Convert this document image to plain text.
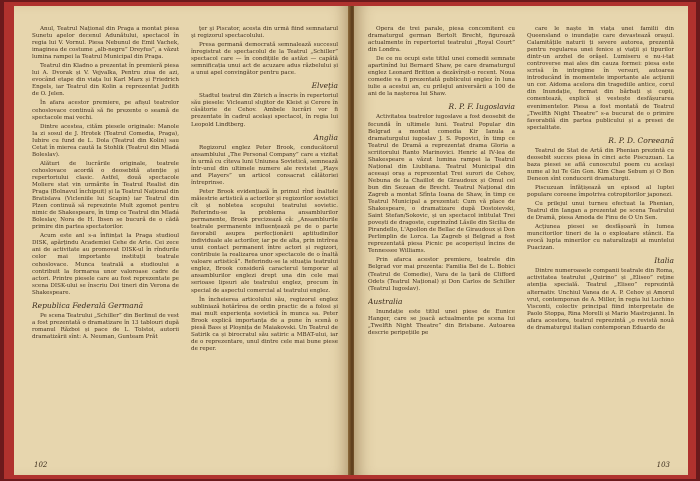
Anul, Teatrul Național din Praga a montat piesa Sunetu apelor decenul Adunătului, spectacol în regia lui V. Vornul. Piesa Nebunul de Emil Vachek, imaginea de costume „alb-negru” Dreyfus”, a văzut lumina rampei la Teatrul Municipal din Praga.

Teatrul din Kladno a prezentat în premieră piesa lui A. Dvorak și V. Vejvalka, Pentru ziua de azi, evocând etape din viața lui Karl Marx și Friedrich Engels, iar Teatrul din Kolin a reprezentat Judith de O. Jelen.

În afara acestor premiere, pe afișul teatrelor cehoslovace continuă să fie prezente o seamă de spectacole mai vechi.

Dintre acestea, cităm piesele originale: Manole Ia zi sosul de J. Hrotek (Teatrul Comedia, Praga), Iubire cu fund de L. Dola (Teatrul din Kolin) sau Cetat în mierea caută Ia Stohlik (Teatrul din Mladá Boleslav).

Alături de lucrările originale, teatrele cehoslovace acordă o deosebită atenție și repertoriului clasic. Astfel, două spectacole Moliere stat vin urmărite în Teatrul Realist din Praga (Bolnavul închipuit) și la Teatrul Național din Bratislava (Vicleniile lui Scapin) iar Teatrul din Plzen continuă să reprezinte Mult zgomot pentru nimic de Shakespeare, în timp ce Teatrul din Mladá Boleslav, Nora de H. Ibsen se bucură de o cădă primire din partea spectatorilor.

Acum este anl s-a înființat la Praga studioul DISK, apărțindu Academiei Cehe de Arte. Cei zece ani de activitate au promovat DISK-ul în rîndurile celor mai importante instituții teatrale cehoslovace. Munca teatrală a studioului a contribuit la formarea unor valoroase cadre de actori. Printre piesele care au fost reprezentate pe scena DISK-ului se înscriu Doi tineri din Verona de Shakespeare.

Republica Federală Germană

Pe scena Teatrului „Schiller” din Berlinul de vest a fost prezentată o dramatizare în 13 tablouri după romanul Război și pace de L. Tolstoi, autorii dramatizării sînt: A. Neuman, Gunteam Prăt

ţer şi Piscator, acesta din urmă fiind semnatarul şi regizorul spectacolului.

Presa germană democrată semnalează succesul înregistrat de spectacolul de la Teatrul „Schiller” spectacol care — în condițiile de astăzi — capătă semnificația unui act de acuzare adus răzbelului și a unui apel convingător pentru pace.

Elveţia

Stadtul teatrul din Zürich a înscris în repertoriul său piesele: Vicleanul slujitor de Kleist și Cerere în căsătorie de Cehov. Ambele lucrări vor fi prezentate în cadrul același spectacol, în regia lui Leopold Lindtberg.

Anglia

Regizorul englez Peter Brook, conducătorul ansamblului „The Personal Company” care a vizitat în urmă cu cîteva luni Uniunea Sovietică, semnează într-unul din ultimele numere ale revistei „Plays and Players” un articol consacrat călătoriei întreprinse.

Peter Brook evidențiază în primul rînd înaltele măiestrie artistică a actorilor și regizorilor sovietici cît și nobletea scopului teatrului sovietic. Referindu-se la problema ansamblurilor permanente, Brook precizează că: „Ansamblurile teatrale permanente influențează pe de o parte favorabil asupra perfecționării aptitudinilor individuale ale actorilor, iar pe de alta, prin intrîrea unui contact permanent între actori și regizori, contribuie la realizarea unor spectacole de o înaltă valoare artistică”. Referindu-se la situația teatrului englez, Brook consideră caracterul temporar al ansamblurilor englezi drept una din cele mai serioase lipsuri ale teatrului englez, precum în special de aspectul comercial al teatrului englez.

În încheierea articolului său, regizorul englez subliniază hotărîrea de ordin practic de a folosi și mai mult experiența sovietică în munca sa. Peter Brook explică importanța de a pune în scenă o piesă Bass și Ploșnița de Maiakovski. Un Teatrul de Satirik ca și birocratul său satiric a MBAT-ului, iar de o reprezentare, unul dintre cele mai bune piese de reper.

102

Opera de trei parale, piesa concomitent cu dramaturgul german Bertolt Brecht, figurează actualmente în repertoriul teatrului „Royal Court” din Londra.

De ce nu ocupi este titlul unei comedii semnate apartinînd lui Bernard Shaw, pe care dramaturgul englez Leonard Britton a dezăvîrșit-o recent. Noua comedie va fi prezentată publicului englez în luna iulie a acestui an, cu prilejul aniversării a 100 de ani de la nașterea lui Shaw.

R. P. F. Iugoslavia

Activitatea teatrelor iugoslave a fost deosebit de fecundă în ultimele luni. Teatrul Popular din Belgrad a montat comedia Kir Ianula a dramaturgului iugoslav J. S. Popovici, în timp ce Teatrul de Dramă a reprezentat drama Gloria a scriitorului Ranto Marinovici. Henric al IV-lea de Shakespeare a văzut lumina rampei la Teatrul Național din Liubliana. Teatrul Municipal din aceeași oraș a reprezentat Trei surori de Cehov, Nebuna de la Chaillot de Giraudoux și Omul cel bun din Sezuan de Brecht. Teatrul Național din Zagreb a montat Sfînta Ioana de Shaw, în timp ce Teatrul Municipal a prezentat: Cum vă place de Shakespeare, o dramatizare după Dostoievski, Saint Stefan/Sokovic, și un spectacol intitulat Trei povești de dragoste, cuprinzînd Lăsile din Sicilia de Pirandello, L'Apollon de Bellac de Giraudoux și Don Perlimplin de Lorca. La Zagreb și Belgrad a fost reprezentată piesa Picnic pe acoperișul încins de Tennessee Williams.

Prin afarca acestor premiere, teatrele din Belgrad vor mai prezenta: Familia Bel de L. Bobici (Teatrul de Comedie), Vara de la țară de Clifford Odets (Teatrul Național) și Don Carlos de Schiller (Teatrul Iugoslav).

Australia

Inundație este titlul unei piese de Eunice Hanger, care se joacă actualmente pe scena lui „Twelfth Night Theatre” din Brisbane. Autoarea descrie peripețiile pe

care le naște în viața unei familii din Queensland o inundație care devastează orașul. Calamitățile naturii ți severe autorea, prezentă pentru regularea unei fenice și viații și tipurilor dintr-un arzhel de orășel. Lumiseru e nu-i-tat controverse mai ales din cauza formei: piesa este scrisă în intregime în versuri, autoarea introducând în momentele importante ale acțiunii un cor. Aidoma acelora din tragediile antice, corul din Inundație, format din bărbați și copii, comentează, explică și vestește desfășurarea evenimentelor. Piesa a fost montată de Teatrul „Twelfth Night Theatre” s-a bucurat de o primire favorabilă din partea publicului și a presei de specialitate.

R. P. D. Coreeană

Teatrul de Stat de Artă din Phenian prezintă cu deosebit succes piesa în cinci acte Piscuzuan. La baza piesei se află cunoscutul poem cu același nume al lui Te Gin Gon. Kim Chae Sebum și O Bon Deneon sînt conducerii dramaturgii.

Piscuzuan înfățișează un episod al luptei populare coreene împotriva cotropitorilor japonezi.

Cu prilejul unui turneu efectuat la Phenian, Teatrul din Iangan a prezentat pe scena Teatrului de Dramă, piesa Amoda de Finu de O Un Sen.

Acțiunea piesei se desfășoară în lumea muncitorilor tineri de la o exploatare stâncii. Ea evocă lupta minerilor cu naturalizații ai muntelui Puacizan.

Italia

Dintre numeroasele companii teatrale din Roma, activitatea teatrului „Quirino” și „Eliseo” reține atenția specială. Teatrul „Eliseo” reprezintă alternativ. Unchiul Vanea de A. P. Cehov și Amorul vrut, contemporan de A. Miller, în regia lui Luchino Visconti, colectiv principal fiind interpretate de Paolo Stoppa, Rina Morelli și Mario Mastrojanni. În afara acestora, teatrul reprezintă „o revistă nouă de dramaturgul italian contemporan Eduardo de

103
